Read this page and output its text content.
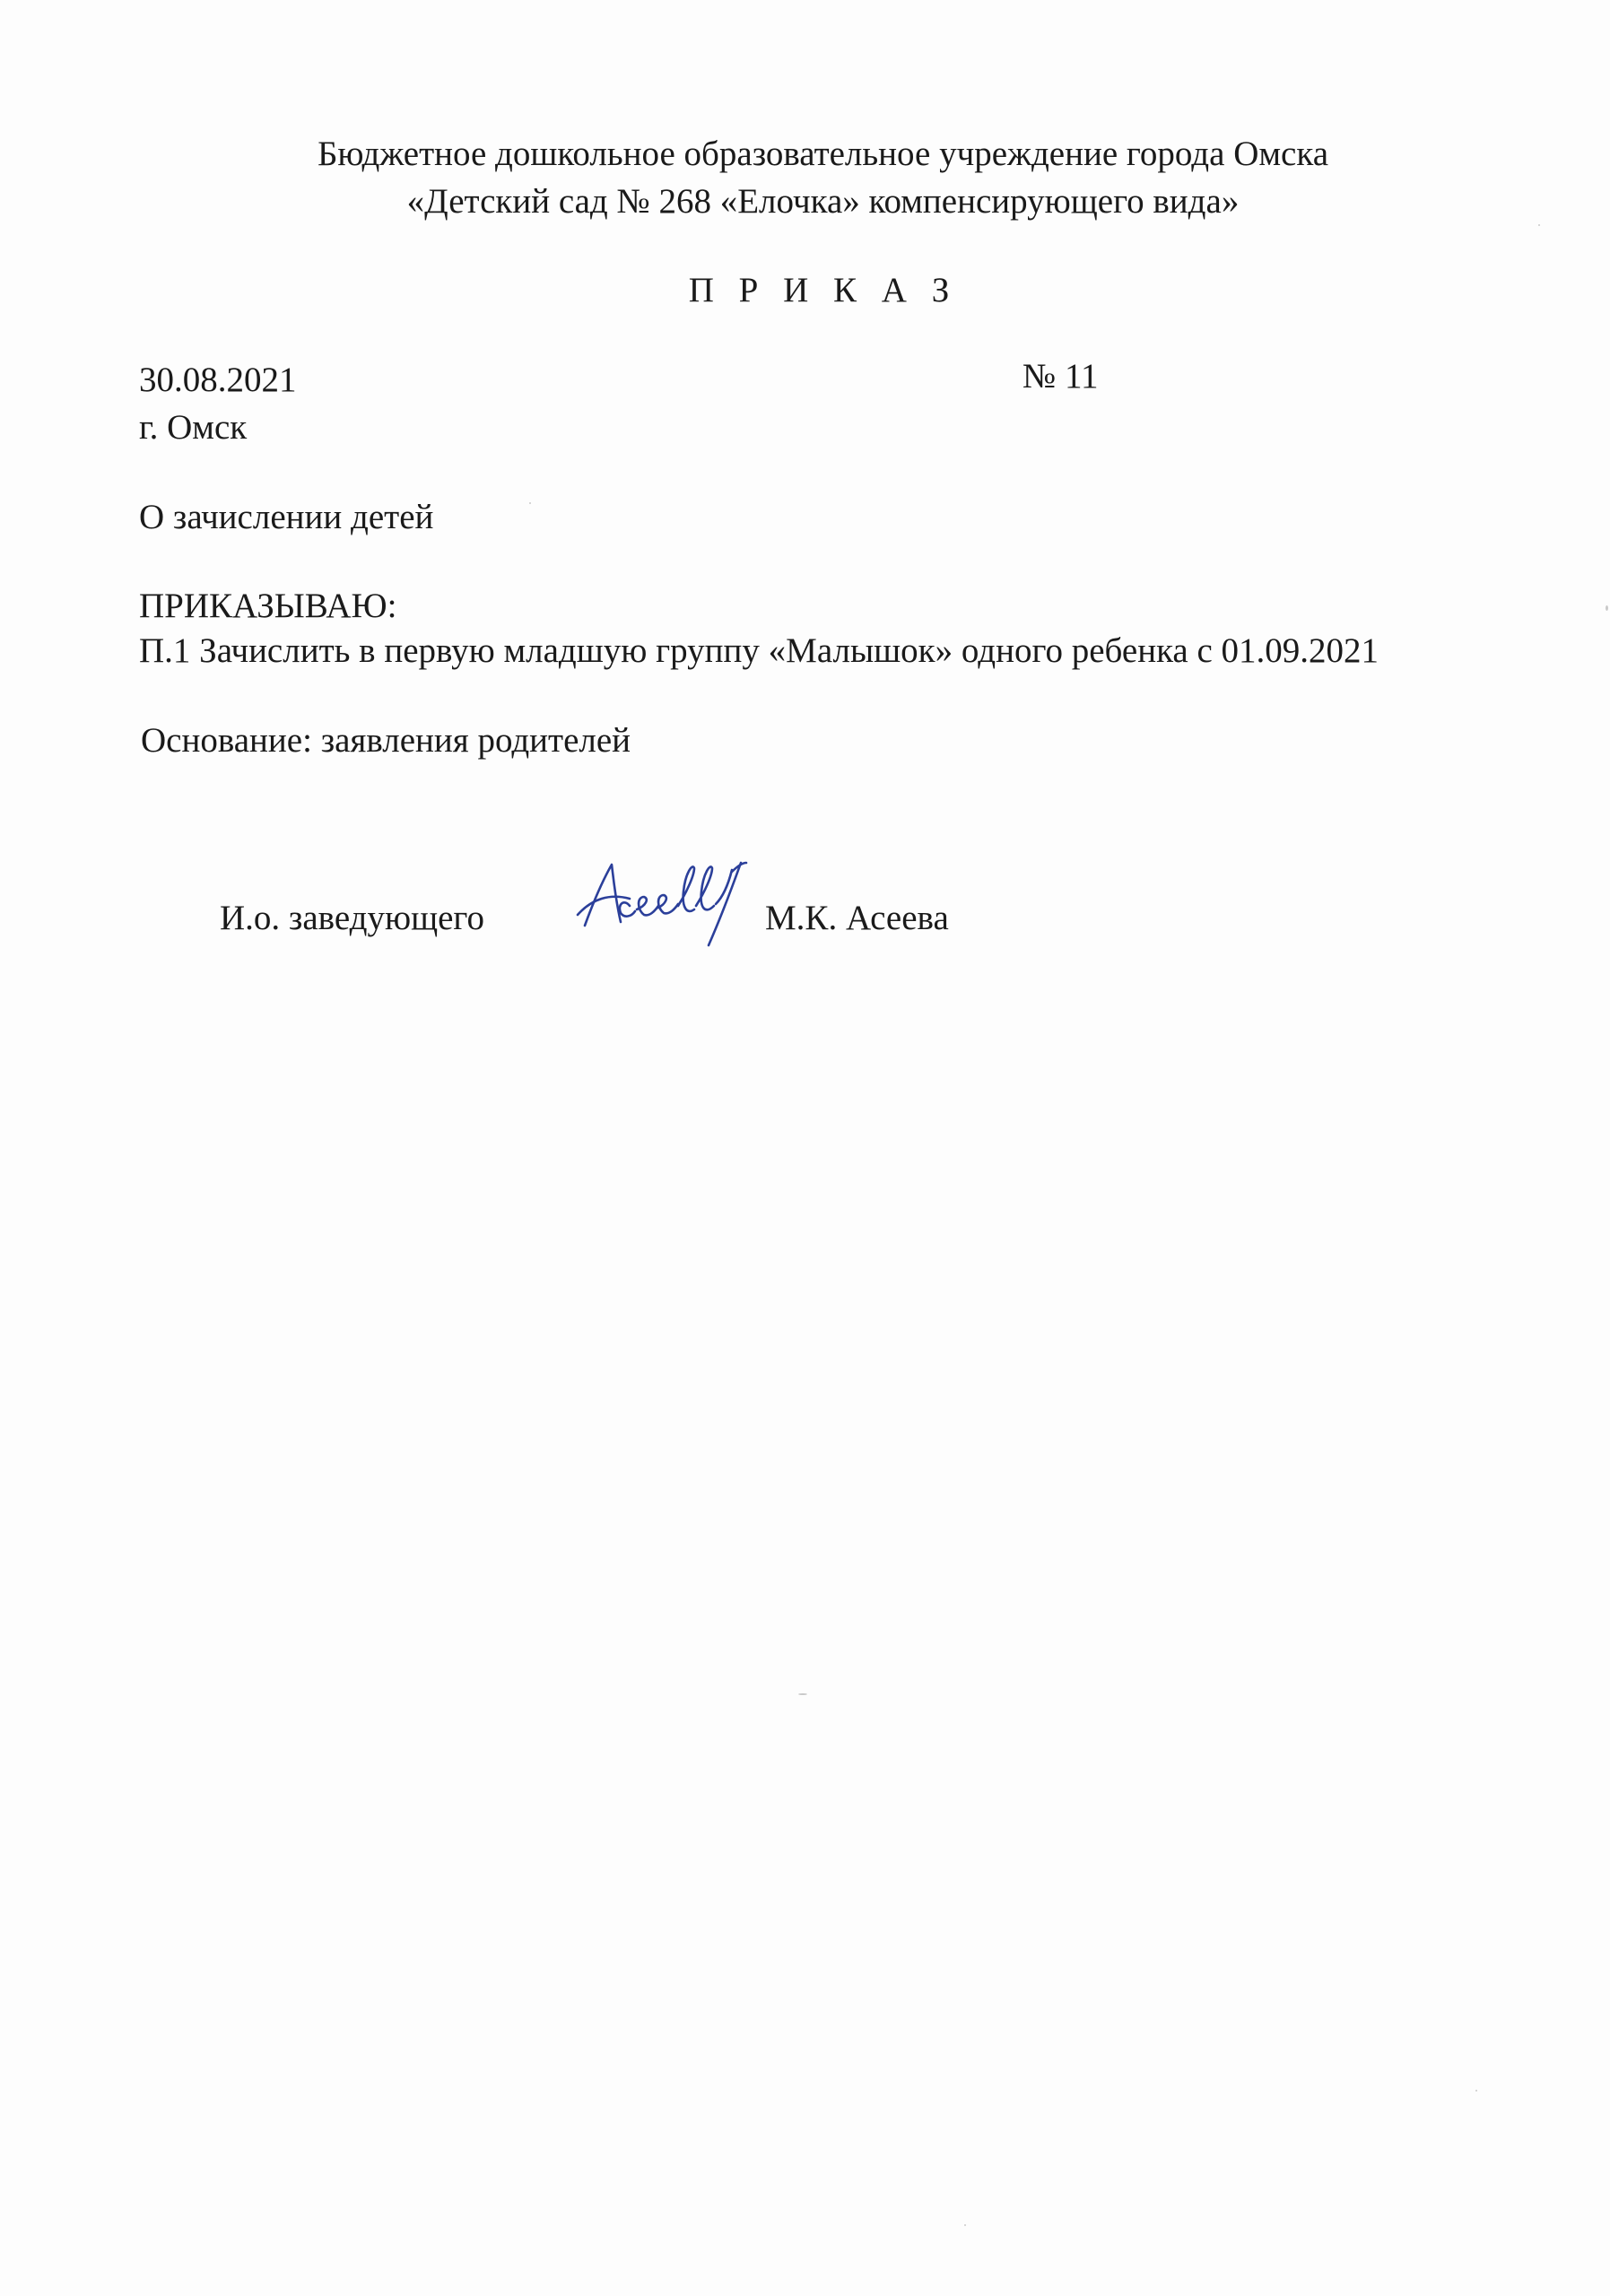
Бюджетное дошкольное образовательное учреждение города Омска
«Детский сад № 268 «Елочка» компенсирующего вида»
П Р И К А З
30.08.2021	№ 11
г. Омск
О зачислении детей
ПРИКАЗЫВАЮ:
П.1 Зачислить в первую младшую группу «Малышок» одного ребенка с 01.09.2021
Основание: заявления родителей
И.о. заведующего	М.К. Асеева
